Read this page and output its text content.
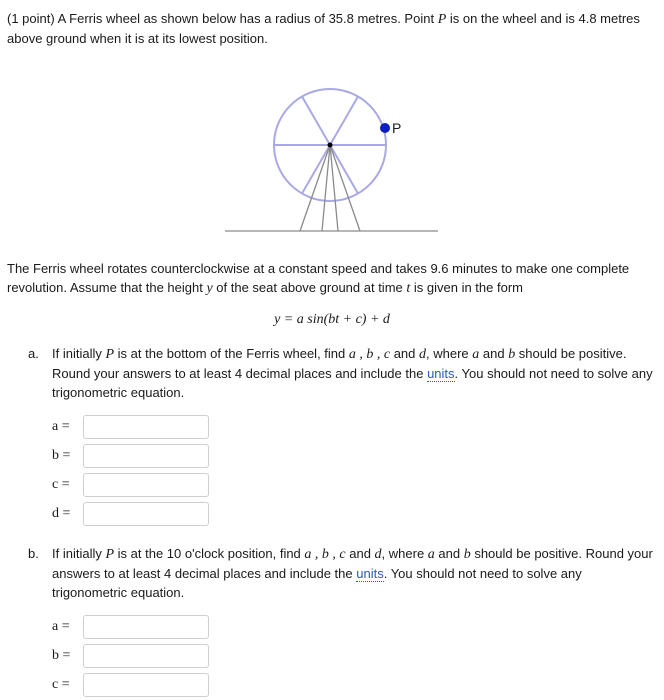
(1 point) A Ferris wheel as shown below has a radius of 35.8 metres. Point P is on the wheel and is 4.8 metres above ground when it is at its lowest position.

P

The Ferris wheel rotates counterclockwise at a constant speed and takes 9.6 minutes to make one complete revolution. Assume that the height y of the seat above ground at time t is given in the form

y = a sin(bt + c) + d
a. If initially P is at the bottom of the Ferris wheel, find a , b , c and d, where a and b should be positive. Round your answers to at least 4 decimal places and include the units. You should not need to solve any trigonometric equation.

a =
b =
c =
d =
b. If initially P is at the 10 o'clock position, find a , b , c and d, where a and b should be positive. Round your answers to at least 4 decimal places and include the units. You should not need to solve any trigonometric equation.

a =
b =
c =
